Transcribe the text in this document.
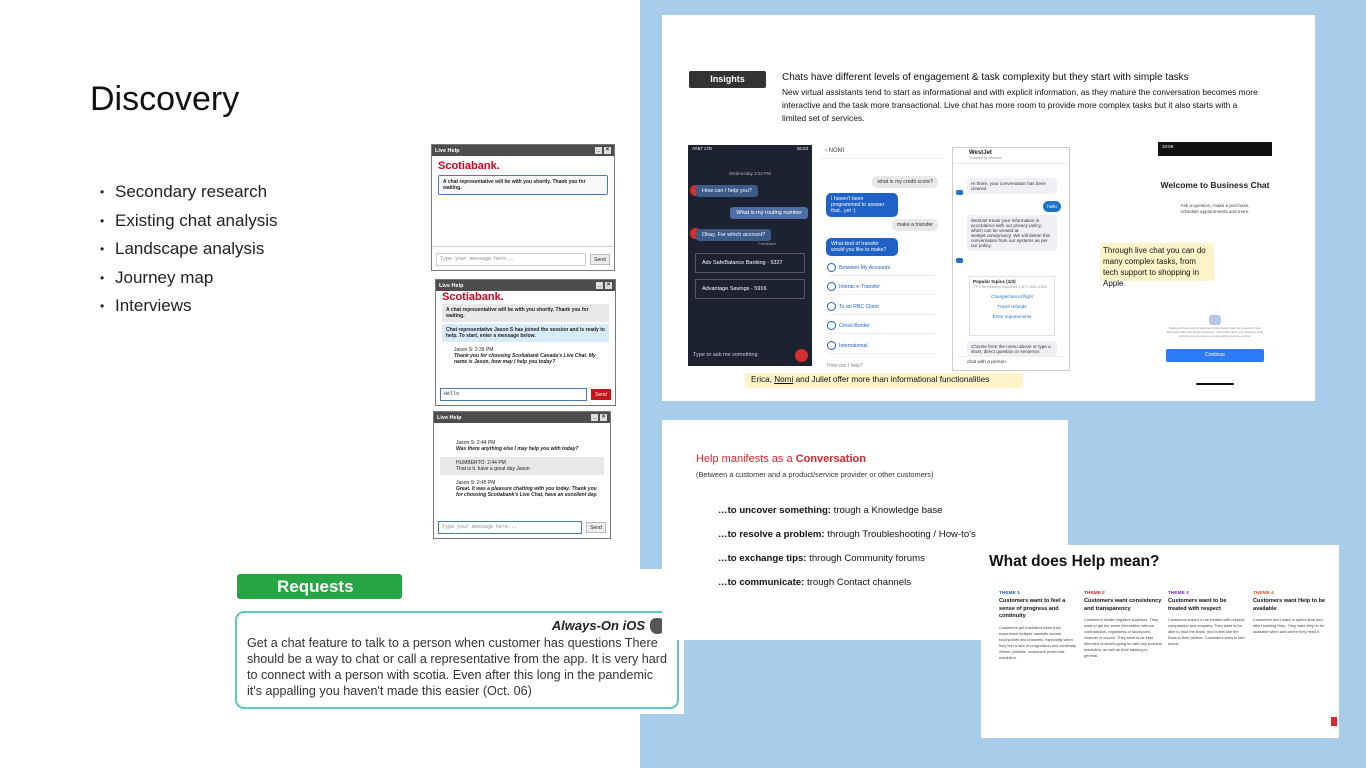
Discovery
• Secondary research
• Existing chat analysis
• Landscape analysis
• Journey map
• Interviews
Live Help	_ ×
Scotiabank.
A chat representative will be with you shortly. Thank you for waiting.
Type your message here...	Send
Live Help	_ ×
Scotiabank.
A chat representative will be with you shortly. Thank you for waiting.
Chat representative Jason S has joined the session and is ready to help. To start, enter a message below.
Jason S: 2:39 PM
Thank you for choosing Scotiabank Canada's Live Chat. My name is Jason, how may I help you today?
Hello	Send
Live Help	_ ×
Jason S: 2:44 PM
Was there anything else I may help you with today?
HUMBERTO: 2:44 PM
That is it. have a great day Jason
Jason S: 2:45 PM
Great. It was a pleasure chatting with you today. Thank you for choosing Scotiabank's Live Chat, have an excellent day.
Type your message here...	Send
Requests
Always-On iOS
Get a chat feature to talk to a person when customer has questions There should be a way to chat or call a representative from the app. It is very hard to connect with a person with scotia. Even after this long in the pandemic it's appalling you haven't made this easier (Oct. 06)
Insights	Chats have different levels of engagement & task complexity but they start with simple tasks
New virtual assistants tend to start as informational and with explicit information, as they mature the conversation becomes more interactive and the task more transactional. Live chat has more room to provide more complex tasks but it also starts with a limited set of services.
AT&T LTE	16:23
Wednesday 3:22 PM
How can I help you?
What is my routing number
Okay. For which account?
Feedback
Adv SafeBalance Banking - 5327
Advantage Savings - 5916
Type or ask me something
‹ NOMI
what is my credit score?
I haven't been programmed to answer that...yet :)
make a transfer
What kind of transfer would you like to make?
Between My Accounts
Interac e-Transfer
To an RBC Client
Cross-Border
International
How can I help?
WestJet
Powered by Intercom
Hi there, your conversation has been cleared.
hello
WestJet treats your information in accordance with our privacy policy, which can be viewed at westjet.com/privacy. We will delete this conversation from our systems as per our policy.
Popular topics (1/3)
TTY for hearing impaired 1-877-952-0100
Change/cancel flight
Travel refunds
Entry requirements
Choose from the menu above or type a short, direct question or sentence.
chat with a person
10:59
Welcome to Business Chat
Ask a question, make a purchase, schedule appointments and more.
Business Chats are encrypted and Apple doesn't read the contents of your Business Chats with Apple businesses. Information about your Business Chat activities may be used to provide and improve the service.
Continue
Erica, Nomi and Juliet offer more than informational functionalities
Through live chat you can do many complex tasks, from tech support to shopping in Apple
Help manifests as a Conversation
(Between a customer and a product/service provider or other customers)
…to uncover something: trough a Knowledge base
…to resolve a problem: through Troubleshooting / How-to's
…to exchange tips: through Community forums
…to communicate: trough Contact channels
What does Help mean?
THEME 1
Customers want to feel a sense of progress and continuity
Customers get frustrated when they experience multiple handoffs across touchpoints and channels, especially when they feel a lack of progression and continuity. Where possible, customers prefer fast resolution.
THEME 2
Customers want consistency and transparency
Customers dislike negative surprises. They want to get the same information without contradiction, regardless of touchpoint, channel or source. They want to be kept informed of what's going on with any problem resolution, as well as their banking in general.
THEME 3
Customers want to be treated with respect
Customers expect to be treated with respect, compassion and empathy. They want to be able to trust the Bank, and to feel like the Bank is their partner. Customers want to feel heard.
THEME 4
Customers want Help to be available
Customers don't want to spend time and effort seeking Help. They want Help to be available when and where they need it.
